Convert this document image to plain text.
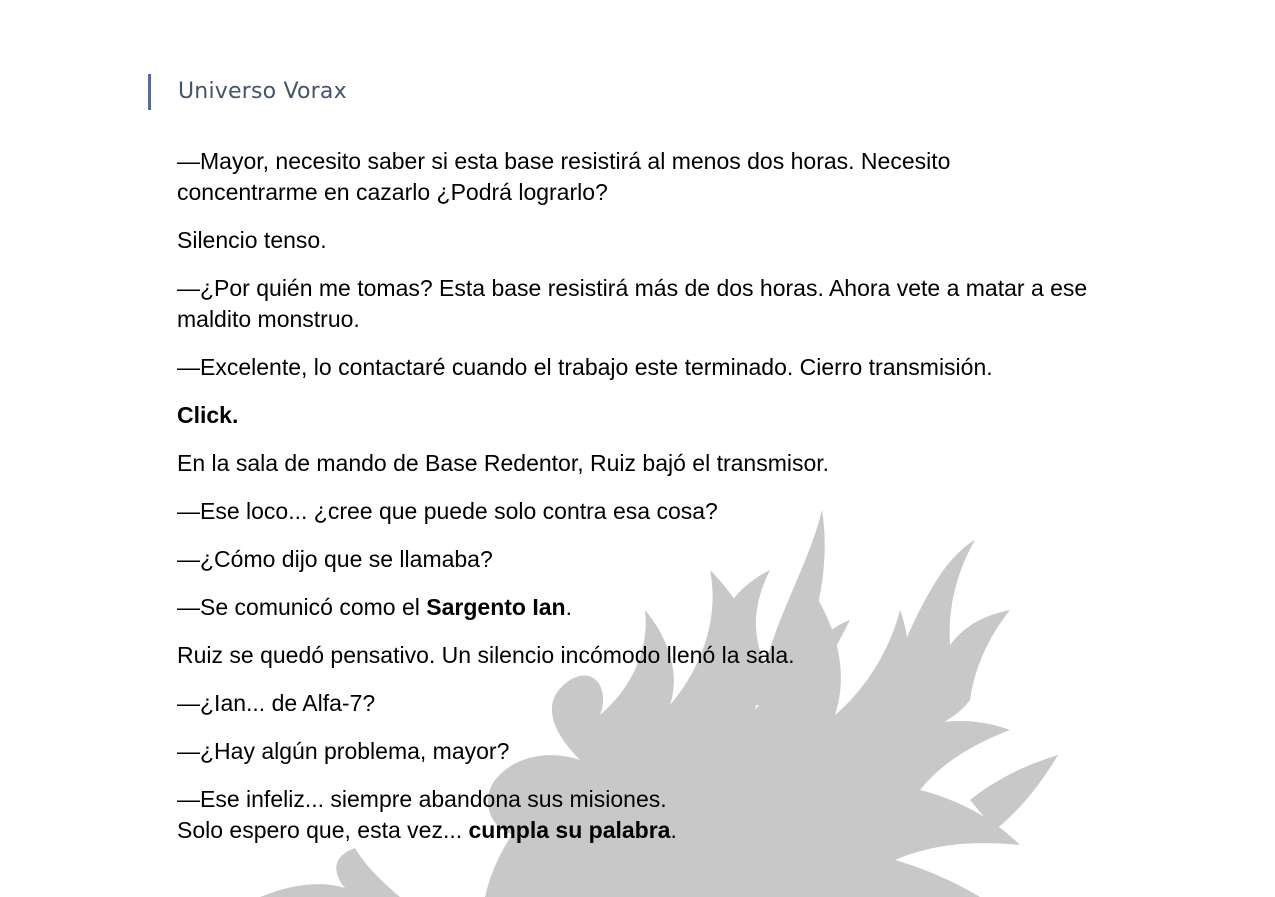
Universo Vorax

—Mayor, necesito saber si esta base resistirá al menos dos horas. Necesito concentrarme en cazarlo ¿Podrá lograrlo?

Silencio tenso.

—¿Por quién me tomas? Esta base resistirá más de dos horas. Ahora vete a matar a ese maldito monstruo.

—Excelente, lo contactaré cuando el trabajo este terminado. Cierro transmisión.

Click.

En la sala de mando de Base Redentor, Ruiz bajó el transmisor.

—Ese loco... ¿cree que puede solo contra esa cosa?

—¿Cómo dijo que se llamaba?

—Se comunicó como el Sargento Ian.

Ruiz se quedó pensativo. Un silencio incómodo llenó la sala.

—¿Ian... de Alfa-7?

—¿Hay algún problema, mayor?

—Ese infeliz... siempre abandona sus misiones.
Solo espero que, esta vez... cumpla su palabra.
